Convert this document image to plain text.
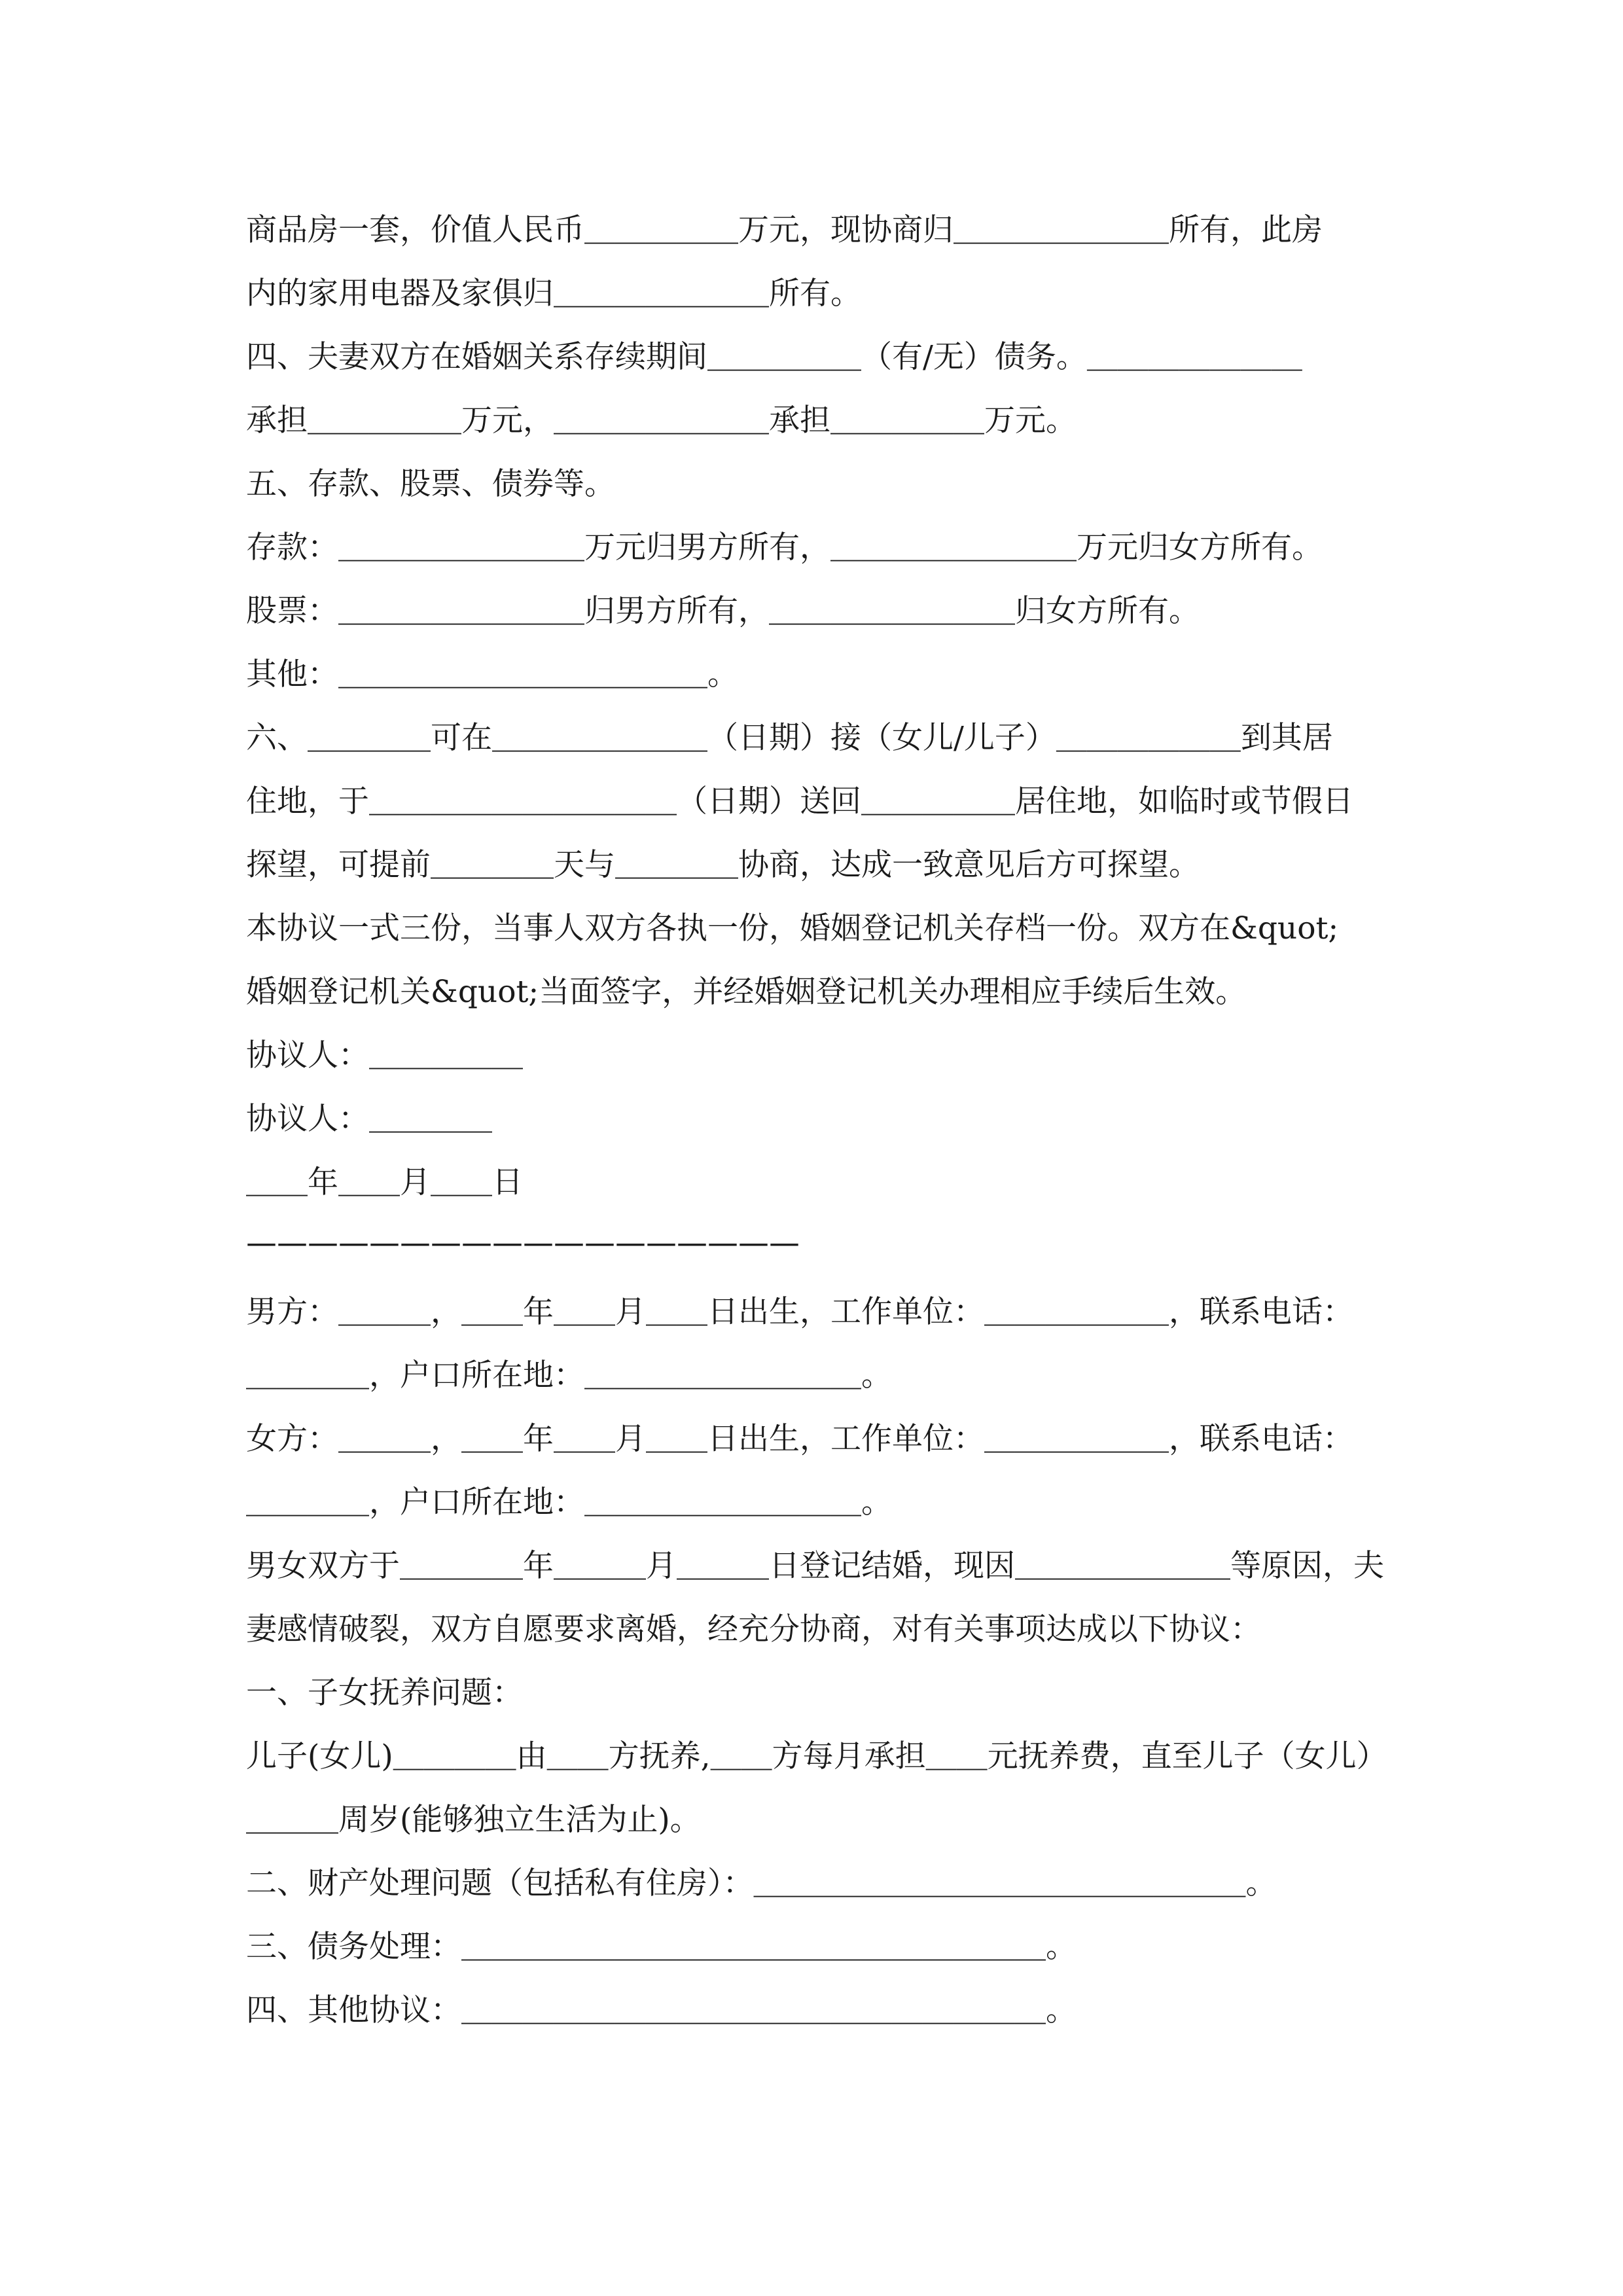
商品房一套，价值人民币＿＿＿＿＿万元，现协商归＿＿＿＿＿＿＿所有，此房
内的家用电器及家俱归＿＿＿＿＿＿＿所有。
四、夫妻双方在婚姻关系存续期间＿＿＿＿＿（有/无）债务。＿＿＿＿＿＿＿
承担＿＿＿＿＿万元，＿＿＿＿＿＿＿承担＿＿＿＿＿万元。
五、存款、股票、债券等。
存款：＿＿＿＿＿＿＿＿万元归男方所有，＿＿＿＿＿＿＿＿万元归女方所有。
股票：＿＿＿＿＿＿＿＿归男方所有，＿＿＿＿＿＿＿＿归女方所有。
其他：＿＿＿＿＿＿＿＿＿＿＿＿。
六、＿＿＿＿可在＿＿＿＿＿＿＿（日期）接（女儿/儿子）＿＿＿＿＿＿到其居
住地，于＿＿＿＿＿＿＿＿＿＿（日期）送回＿＿＿＿＿居住地，如临时或节假日
探望，可提前＿＿＿＿天与＿＿＿＿协商，达成一致意见后方可探望。
本协议一式三份，当事人双方各执一份，婚姻登记机关存档一份。双方在&quot;
婚姻登记机关&quot;当面签字，并经婚姻登记机关办理相应手续后生效。
协议人：＿＿＿＿＿
协议人：＿＿＿＿
＿＿年＿＿月＿＿日
——————————————————
男方：＿＿＿，＿＿年＿＿月＿＿日出生，工作单位：＿＿＿＿＿＿，联系电话：
＿＿＿＿，户口所在地：＿＿＿＿＿＿＿＿＿。
女方：＿＿＿，＿＿年＿＿月＿＿日出生，工作单位：＿＿＿＿＿＿，联系电话：
＿＿＿＿，户口所在地：＿＿＿＿＿＿＿＿＿。
男女双方于＿＿＿＿年＿＿＿月＿＿＿日登记结婚，现因＿＿＿＿＿＿＿等原因，夫
妻感情破裂，双方自愿要求离婚，经充分协商，对有关事项达成以下协议：
一、子女抚养问题：
儿子(女儿)＿＿＿＿由＿＿方抚养,＿＿方每月承担＿＿元抚养费，直至儿子（女儿）
＿＿＿周岁(能够独立生活为止)。
二、财产处理问题（包括私有住房）：＿＿＿＿＿＿＿＿＿＿＿＿＿＿＿＿。
三、债务处理：＿＿＿＿＿＿＿＿＿＿＿＿＿＿＿＿＿＿＿。
四、其他协议：＿＿＿＿＿＿＿＿＿＿＿＿＿＿＿＿＿＿＿。
